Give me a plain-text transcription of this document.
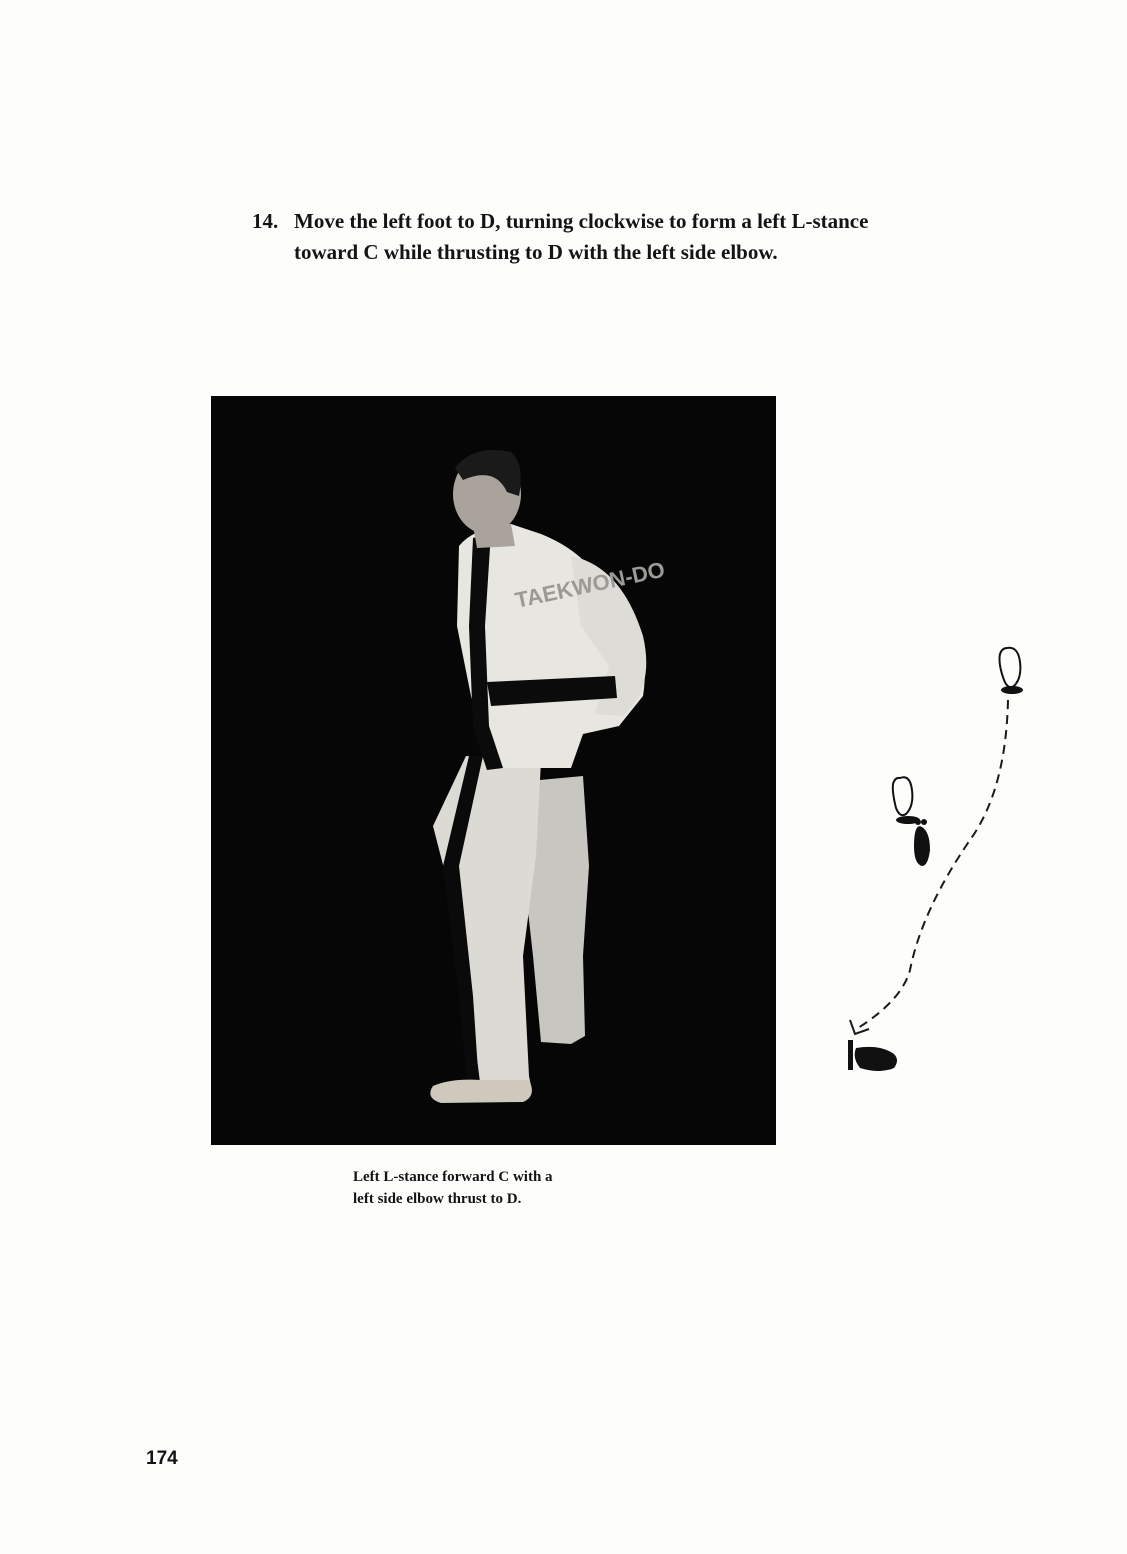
14. Move the left foot to D, turning clockwise to form a left L-stance toward C while thrusting to D with the left side elbow.
TAEKWON-DO
Left L-stance forward C with a
left side elbow thrust to D.
174
